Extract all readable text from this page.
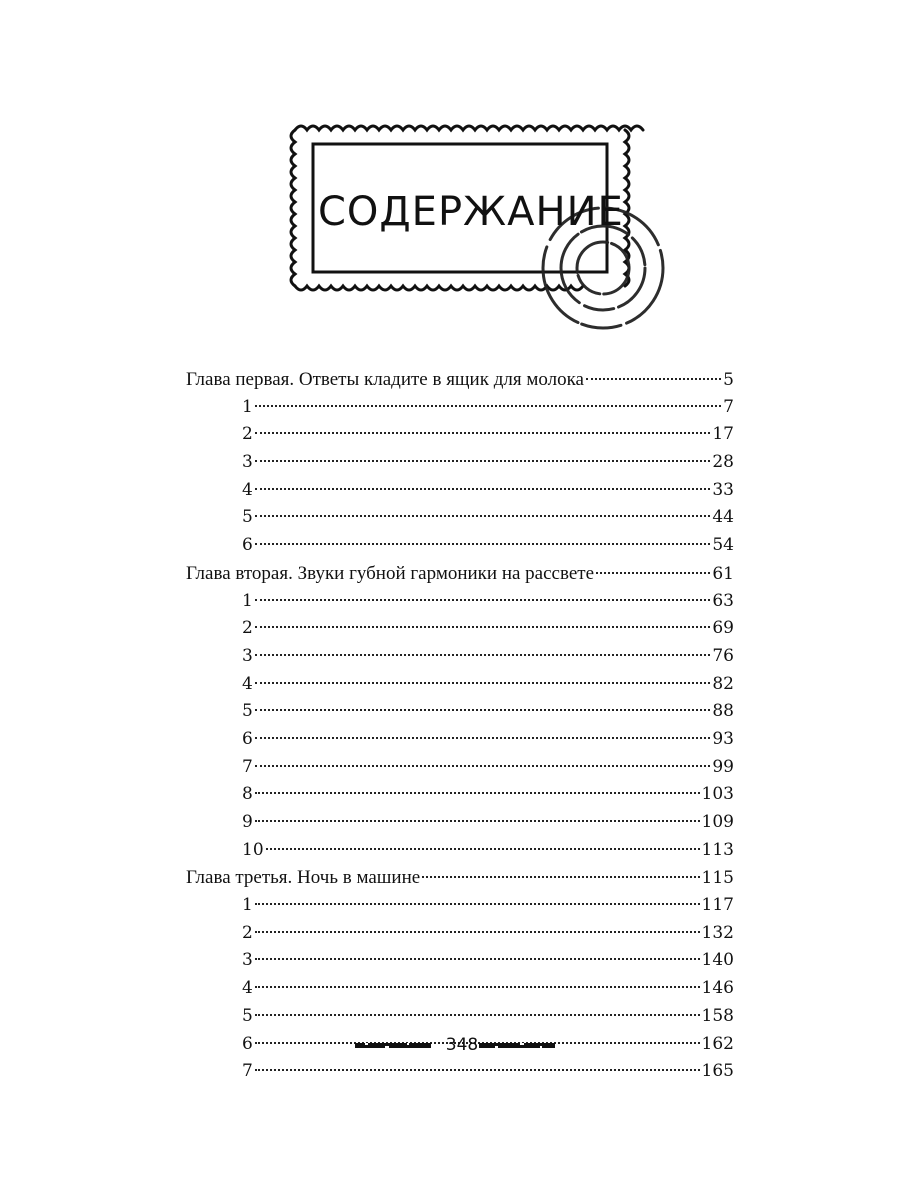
СОДЕРЖАНИЕ
Глава первая. Ответы кладите в ящик для молока	5
1	7
2	17
3	28
4	33
5	44
6	54
Глава вторая. Звуки губной гармоники на рассвете	61
1	63
2	69
3	76
4	82
5	88
6	93
7	99
8	103
9	109
10	113
Глава третья. Ночь в машине	115
1	117
2	132
3	140
4	146
5	158
6	162
7	165
348
